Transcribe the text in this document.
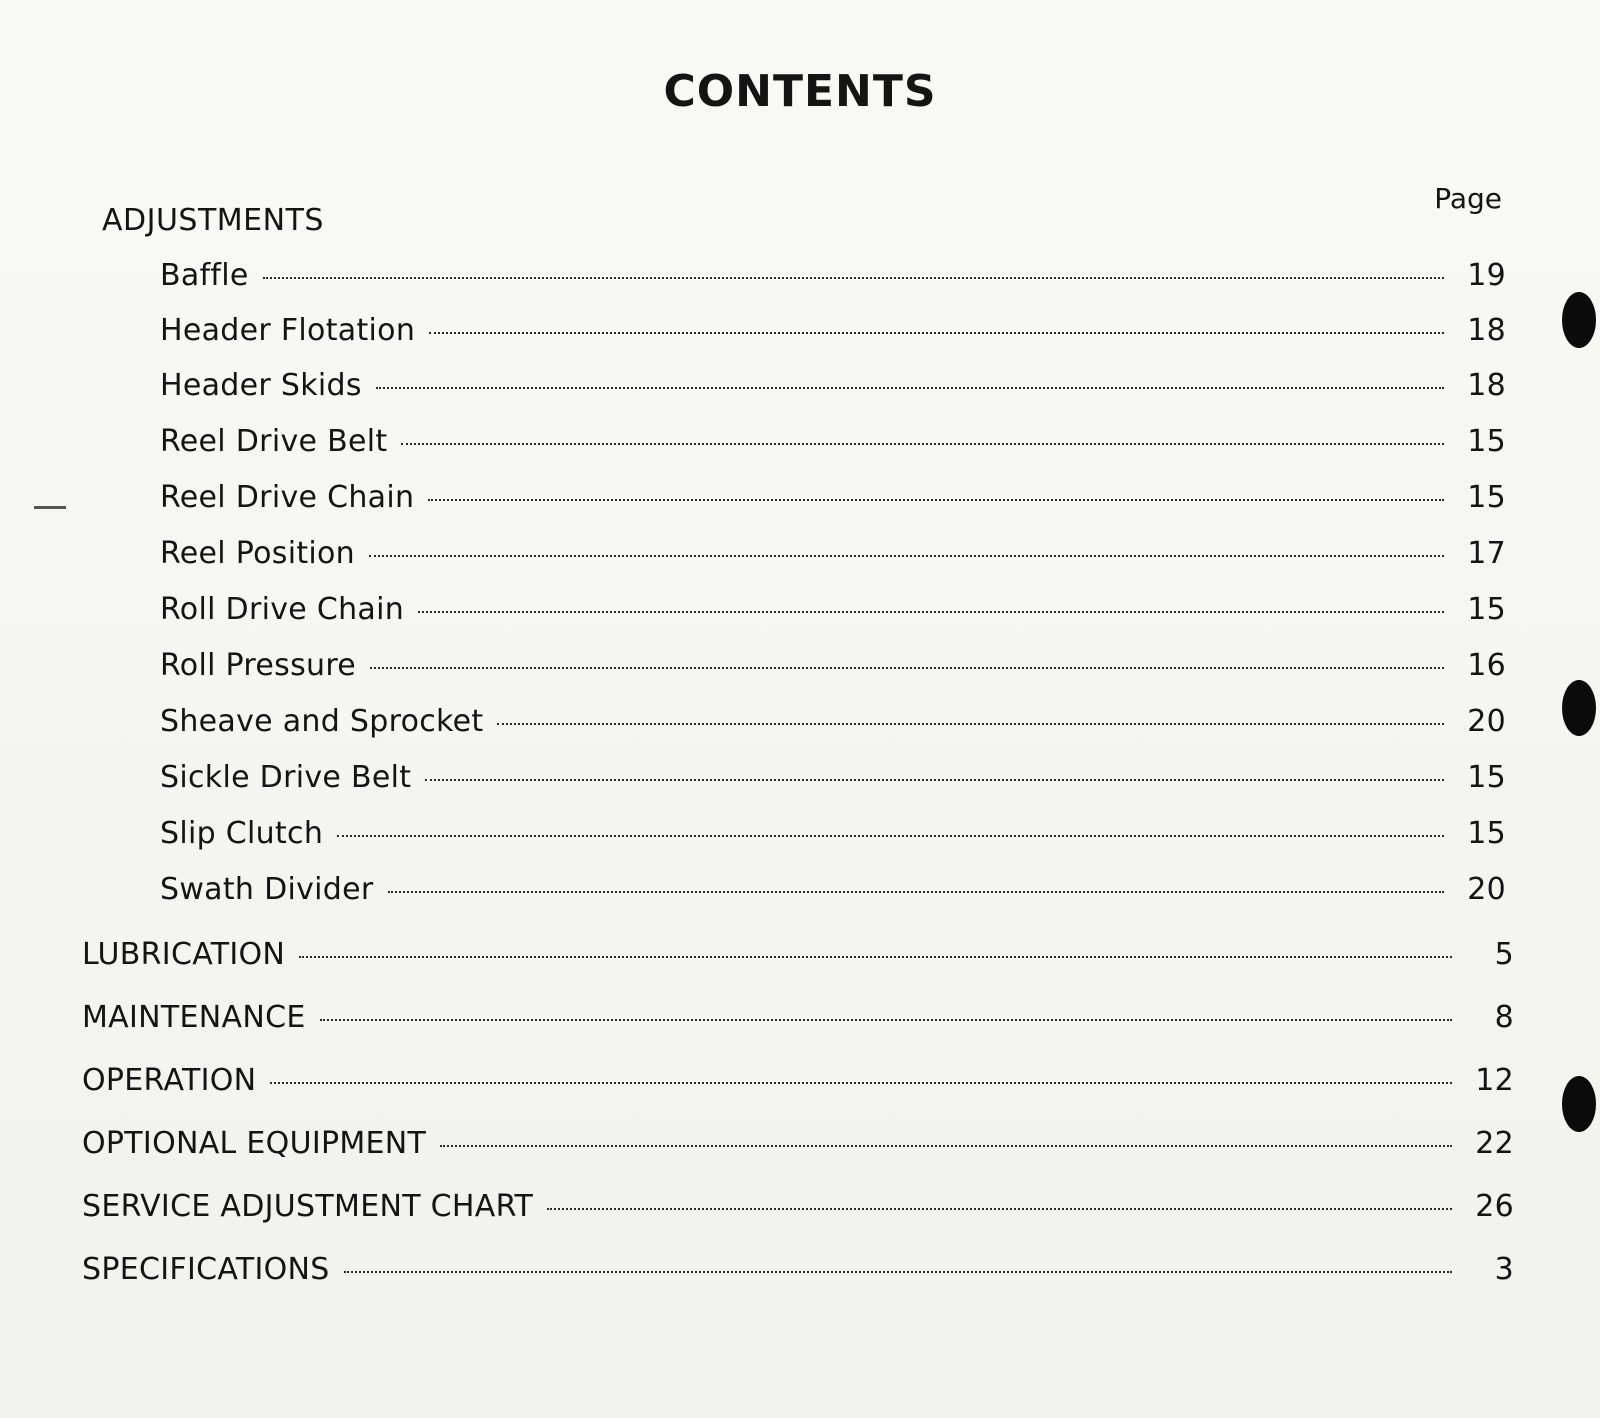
CONTENTS
Page
ADJUSTMENTS
Baffle	19
Header Flotation	18
Header Skids	18
Reel Drive Belt	15
Reel Drive Chain	15
Reel Position	17
Roll Drive Chain	15
Roll Pressure	16
Sheave and Sprocket	20
Sickle Drive Belt	15
Slip Clutch	15
Swath Divider	20
LUBRICATION	5
MAINTENANCE	8
OPERATION	12
OPTIONAL EQUIPMENT	22
SERVICE ADJUSTMENT CHART	26
SPECIFICATIONS	3
